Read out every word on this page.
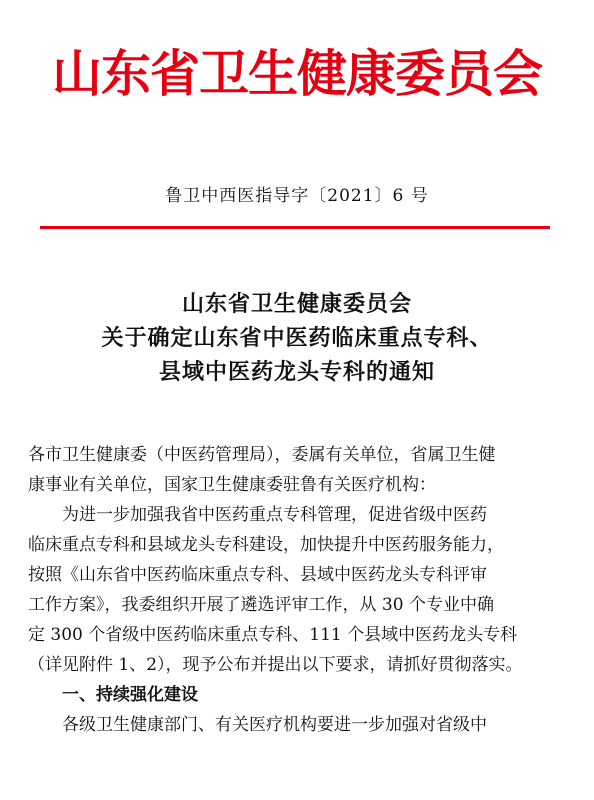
山东省卫生健康委员会
鲁卫中西医指导字〔2021〕6 号
山东省卫生健康委员会
关于确定山东省中医药临床重点专科、
县域中医药龙头专科的通知
各市卫生健康委（中医药管理局），委属有关单位，省属卫生健
康事业有关单位，国家卫生健康委驻鲁有关医疗机构：
　　为进一步加强我省中医药重点专科管理，促进省级中医药
临床重点专科和县域龙头专科建设，加快提升中医药服务能力，
按照《山东省中医药临床重点专科、县域中医药龙头专科评审
工作方案》，我委组织开展了遴选评审工作，从 30 个专业中确
定 300 个省级中医药临床重点专科、111 个县域中医药龙头专科
（详见附件 1、2），现予公布并提出以下要求，请抓好贯彻落实。
　　一、持续强化建设
　　各级卫生健康部门、有关医疗机构要进一步加强对省级中
